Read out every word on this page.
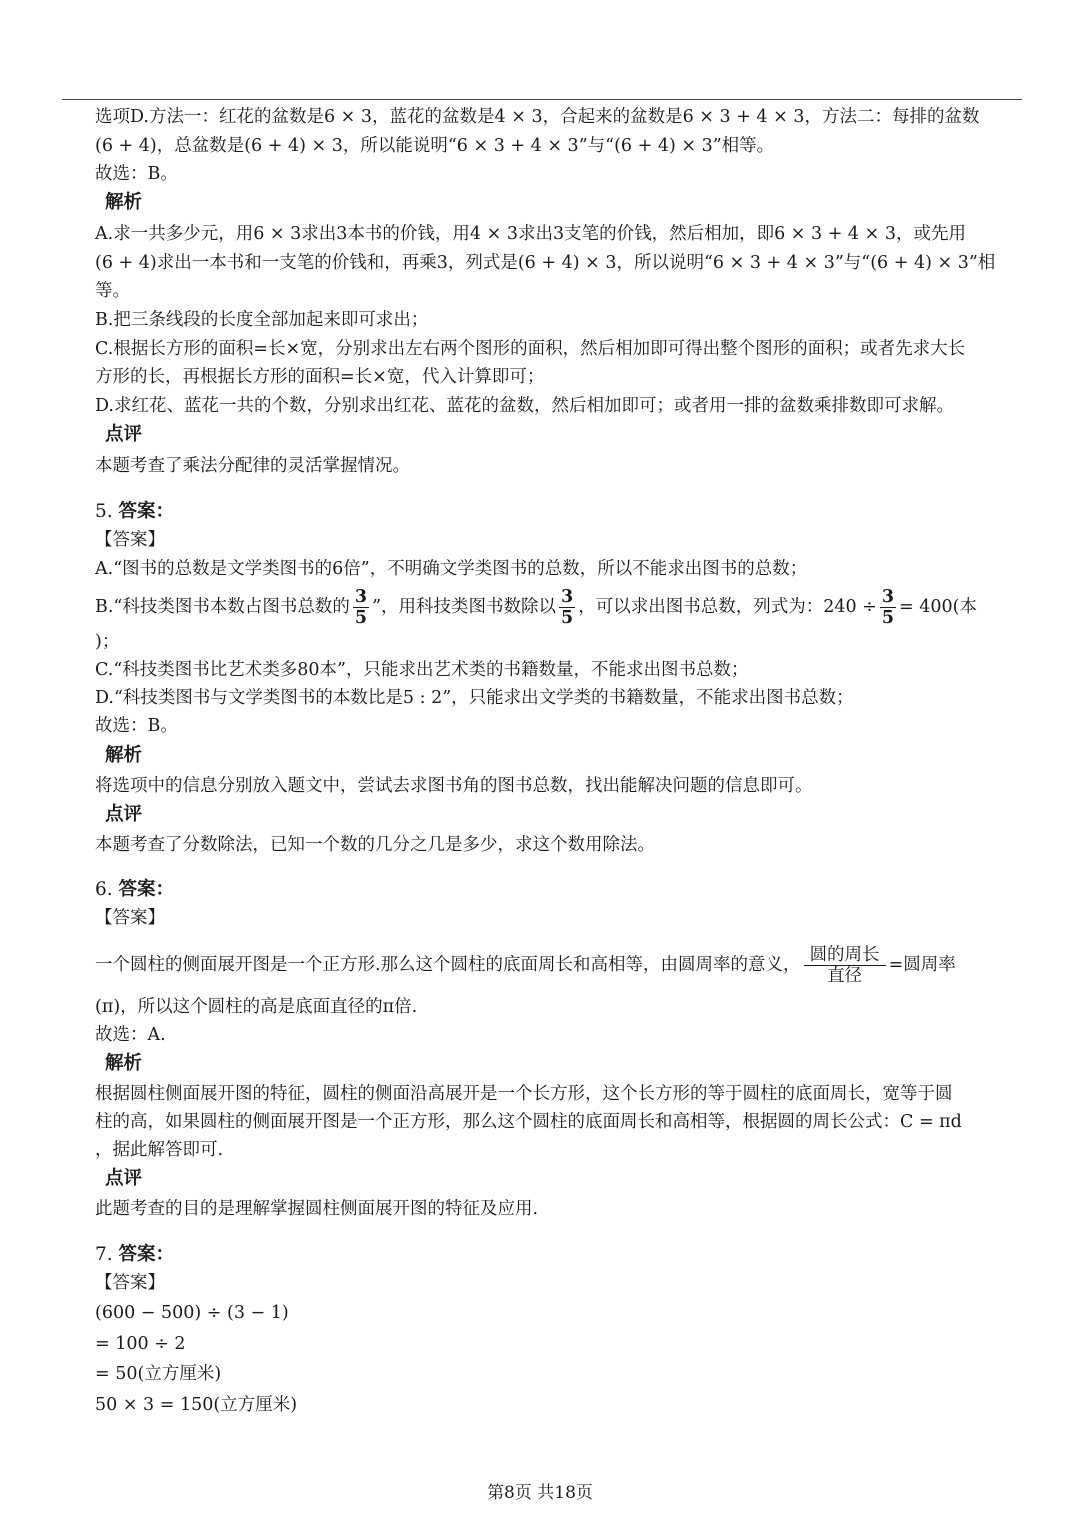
选项D.方法一：红花的盆数是6 × 3，蓝花的盆数是4 × 3，合起来的盆数是6 × 3 + 4 × 3，方法二：每排的盆数
(6 + 4)，总盆数是(6 + 4) × 3，所以能说明“6 × 3 + 4 × 3”与“(6 + 4) × 3”相等。
故选：B。
解析
A.求一共多少元，用6 × 3求出3本书的价钱，用4 × 3求出3支笔的价钱，然后相加，即6 × 3 + 4 × 3，或先用
(6 + 4)求出一本书和一支笔的价钱和，再乘3，列式是(6 + 4) × 3，所以说明“6 × 3 + 4 × 3”与“(6 + 4) × 3”相
等。
B.把三条线段的长度全部加起来即可求出；
C.根据长方形的面积=长×宽，分别求出左右两个图形的面积，然后相加即可得出整个图形的面积；或者先求大长
方形的长，再根据长方形的面积=长×宽，代入计算即可；
D.求红花、蓝花一共的个数，分别求出红花、蓝花的盆数，然后相加即可；或者用一排的盆数乘排数即可求解。
点评
本题考查了乘法分配律的灵活掌握情况。
5. 答案：
【答案】
A.“图书的总数是文学类图书的6倍”，不明确文学类图书的总数，所以不能求出图书的总数；
B.“科技类图书本数占图书总数的 $\frac{3}{5}$ ”，用科技类图书数除以 $\frac{3}{5}$ ，可以求出图书总数，列式为：$240 \div \frac{3}{5} = 400$(本
)；
C.“科技类图书比艺术类多80本”，只能求出艺术类的书籍数量，不能求出图书总数；
D.“科技类图书与文学类图书的本数比是5 : 2”，只能求出文学类的书籍数量，不能求出图书总数；
故选：B。
解析
将选项中的信息分别放入题文中，尝试去求图书角的图书总数，找出能解决问题的信息即可。
点评
本题考查了分数除法，已知一个数的几分之几是多少，求这个数用除法。
6. 答案：
【答案】
一个圆柱的侧面展开图是一个正方形.那么这个圆柱的底面周长和高相等，由圆周率的意义， $\frac{\text{圆的周长}}{\text{直径}}$ =圆周率
(π)，所以这个圆柱的高是底面直径的π倍.
故选：A.
解析
根据圆柱侧面展开图的特征，圆柱的侧面沿高展开是一个长方形，这个长方形的等于圆柱的底面周长，宽等于圆
柱的高，如果圆柱的侧面展开图是一个正方形，那么这个圆柱的底面周长和高相等，根据圆的周长公式：C = πd
，据此解答即可.
点评
此题考查的目的是理解掌握圆柱侧面展开图的特征及应用.
7. 答案：
【答案】
(600 − 500) ÷ (3 − 1)
= 100 ÷ 2
= 50(立方厘米)
50 × 3 = 150(立方厘米)
第8页 共18页
